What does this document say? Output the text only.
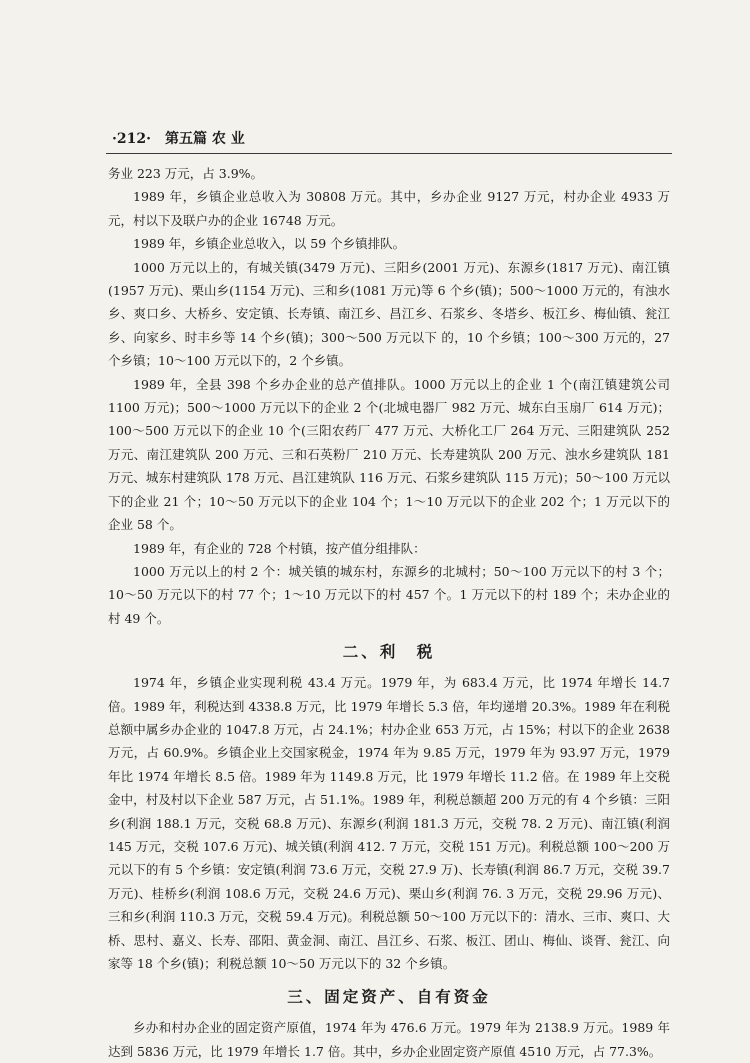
·212· 第五篇 农 业

务业 223 万元，占 3.9%。

1989 年，乡镇企业总收入为 30808 万元。其中，乡办企业 9127 万元，村办企业 4933 万元，村以下及联户办的企业 16748 万元。

1989 年，乡镇企业总收入，以 59 个乡镇排队。

1000 万元以上的，有城关镇(3479 万元)、三阳乡(2001 万元)、东源乡(1817 万元)、南江镇(1957 万元)、栗山乡(1154 万元)、三和乡(1081 万元)等 6 个乡(镇)；500～1000 万元的，有浊水乡、爽口乡、大桥乡、安定镇、长寿镇、南江乡、昌江乡、石浆乡、冬塔乡、板江乡、梅仙镇、瓮江乡、向家乡、时丰乡等 14 个乡(镇)；300～500 万元以下 的，10 个乡镇；100～300 万元的，27 个乡镇；10～100 万元以下的，2 个乡镇。

1989 年，全县 398 个乡办企业的总产值排队。1000 万元以上的企业 1 个(南江镇建筑公司 1100 万元)；500～1000 万元以下的企业 2 个(北城电器厂 982 万元、城东白玉扇厂 614 万元)；100～500 万元以下的企业 10 个(三阳农药厂 477 万元、大桥化工厂 264 万元、三阳建筑队 252 万元、南江建筑队 200 万元、三和石英粉厂 210 万元、长寿建筑队 200 万元、浊水乡建筑队 181 万元、城东村建筑队 178 万元、昌江建筑队 116 万元、石浆乡建筑队 115 万元)；50～100 万元以下的企业 21 个；10～50 万元以下的企业 104 个；1～10 万元以下的企业 202 个；1 万元以下的企业 58 个。

1989 年，有企业的 728 个村镇，按产值分组排队：

1000 万元以上的村 2 个：城关镇的城东村，东源乡的北城村；50～100 万元以下的村 3 个；10～50 万元以下的村 77 个；1～10 万元以下的村 457 个。1 万元以下的村 189 个；未办企业的村 49 个。

二、利　税

1974 年，乡镇企业实现利税 43.4 万元。1979 年，为 683.4 万元，比 1974 年增长 14.7 倍。1989 年，利税达到 4338.8 万元，比 1979 年增长 5.3 倍，年均递增 20.3%。1989 年在利税总额中属乡办企业的 1047.8 万元，占 24.1%；村办企业 653 万元，占 15%；村以下的企业 2638 万元，占 60.9%。乡镇企业上交国家税金，1974 年为 9.85 万元，1979 年为 93.97 万元，1979 年比 1974 年增长 8.5 倍。1989 年为 1149.8 万元，比 1979 年增长 11.2 倍。在 1989 年上交税金中，村及村以下企业 587 万元，占 51.1%。1989 年，利税总额超 200 万元的有 4 个乡镇：三阳乡(利润 188.1 万元，交税 68.8 万元)、东源乡(利润 181.3 万元，交税 78. 2 万元)、南江镇(利润 145 万元，交税 107.6 万元)、城关镇(利润 412. 7 万元，交税 151 万元)。利税总额 100～200 万元以下的有 5 个乡镇：安定镇(利润 73.6 万元，交税 27.9 万)、长寿镇(利润 86.7 万元，交税 39.7 万元)、桂桥乡(利润 108.6 万元，交税 24.6 万元)、栗山乡(利润 76. 3 万元，交税 29.96 万元)、三和乡(利润 110.3 万元，交税 59.4 万元)。利税总额 50～100 万元以下的：清水、三市、爽口、大桥、思村、嘉义、长寿、邵阳、黄金洞、南江、昌江乡、石浆、板江、团山、梅仙、谈胥、瓮江、向家等 18 个乡(镇)；利税总额 10～50 万元以下的 32 个乡镇。

三、固定资产、自有资金

乡办和村办企业的固定资产原值，1974 年为 476.6 万元。1979 年为 2138.9 万元。1989 年达到 5836 万元，比 1979 年增长 1.7 倍。其中，乡办企业固定资产原值 4510 万元，占 77.3%。
